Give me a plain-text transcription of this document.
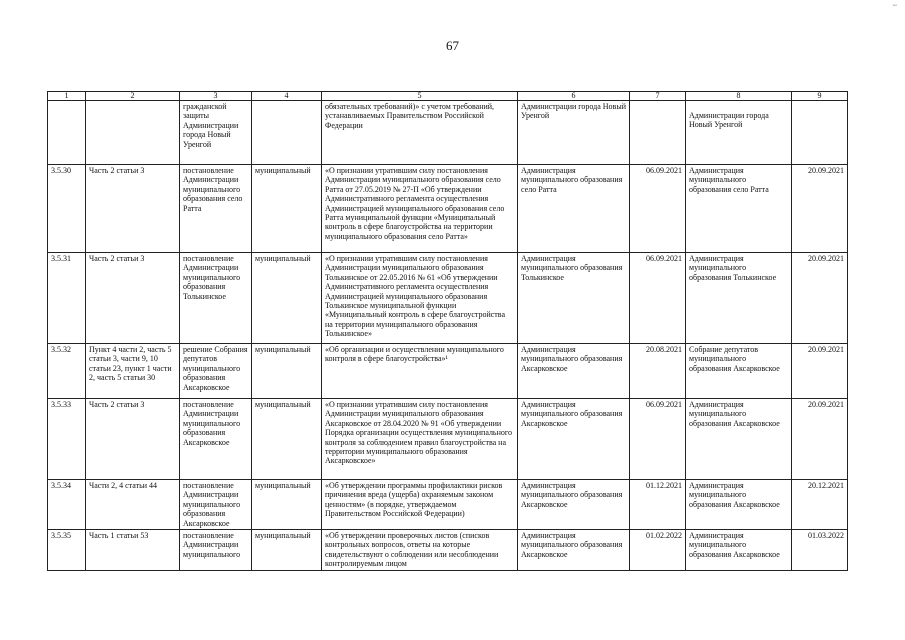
~
67
1	2	3	4	5	6	7	8	9
		гражданской защиты Администрации города Новый Уренгой		обязательных требований)» с учетом требований, устанавливаемых Правительством Российской Федерации	Администрации города Новый Уренгой		Администрации города Новый Уренгой	
3.5.30	Часть 2 статьи 3	постановление Администрации муниципального образования село Ратта	муниципальный	«О признании утратившим силу постановления Администрации муниципального образования село Ратта от 27.05.2019 № 27-П «Об утверждении Административного регламента осуществления Администрацией муниципального образования село Ратта муниципальной функции «Муниципальный контроль в сфере благоустройства на территории муниципального образования село Ратта»	Администрация муниципального образования село Ратта	06.09.2021	Администрация муниципального образования село Ратта	20.09.2021
3.5.31	Часть 2 статьи 3	постановление Администрации муниципального образования Толькинское	муниципальный	«О признании утратившим силу постановления Администрации муниципального образования Толькинское от 22.05.2016 № 61 «Об утверждении Административного регламента осуществления Администрацией муниципального образования Толькинское муниципальной функции «Муниципальный контроль в сфере благоустройства на территории муниципального образования Толькинское»	Администрация муниципального образования Толькинское	06.09.2021	Администрация муниципального образования Толькинское	20.09.2021
3.5.32	Пункт 4 части 2, часть 5 статьи 3, части 9, 10 статьи 23, пункт 1 части 2, часть 5 статьи 30	решение Собрания депутатов муниципального образования Аксарковское	муниципальный	«Об организации и осуществлении муниципального контроля в сфере благоустройства»¹	Администрация муниципального образования Аксарковское	20.08.2021	Собрание депутатов муниципального образования Аксарковское	20.09.2021
3.5.33	Часть 2 статьи 3	постановление Администрации муниципального образования Аксарковское	муниципальный	«О признании утратившим силу постановления Администрации муниципального образования Аксарковское от 28.04.2020 № 91 «Об утверждении Порядка организации осуществления муниципального контроля за соблюдением правил благоустройства на территории муниципального образования Аксарковское»	Администрация муниципального образования Аксарковское	06.09.2021	Администрация муниципального образования Аксарковское	20.09.2021
3.5.34	Части 2, 4 статьи 44	постановление Администрации муниципального образования Аксарковское	муниципальный	«Об утверждении программы профилактики рисков причинения вреда (ущерба) охраняемым законом ценностям» (в порядке, утверждаемом Правительством Российской Федерации)	Администрация муниципального образования Аксарковское	01.12.2021	Администрация муниципального образования Аксарковское	20.12.2021
3.5.35	Часть 1 статьи 53	постановление Администрации муниципального	муниципальный	«Об утверждении проверочных листов (списков контрольных вопросов, ответы на которые свидетельствуют о соблюдении или несоблюдении контролируемым лицом	Администрация муниципального образования Аксарковское	01.02.2022	Администрация муниципального образования Аксарковское	01.03.2022
